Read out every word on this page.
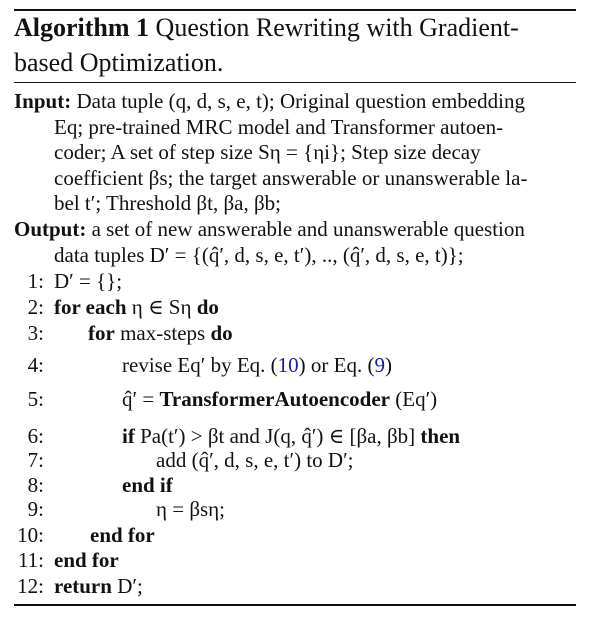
Algorithm 1 Question Rewriting with Gradient-
based Optimization.
Input: Data tuple (q, d, s, e, t); Original question embedding
Eq; pre-trained MRC model and Transformer autoen-
coder; A set of step size Sη = {ηi}; Step size decay
coefficient βs; the target answerable or unanswerable la-
bel t′; Threshold βt, βa, βb;
Output: a set of new answerable and unanswerable question
data tuples D′ = {(q̂′, d, s, e, t′), .., (q̂′, d, s, e, t)};
1: D′ = {};
2: for each η ∈ Sη do
3: for max-steps do
4:	revise Eq′ by Eq. (10) or Eq. (9)
5:	q̂′ = TransformerAutoencoder (Eq′)
6:	if Pa(t′) > βt and J(q, q̂′) ∈ [βa, βb] then
7:	add (q̂′, d, s, e, t′) to D′;
8:	end if
9:	η = βsη;
10: end for
11: end for
12: return D′;
